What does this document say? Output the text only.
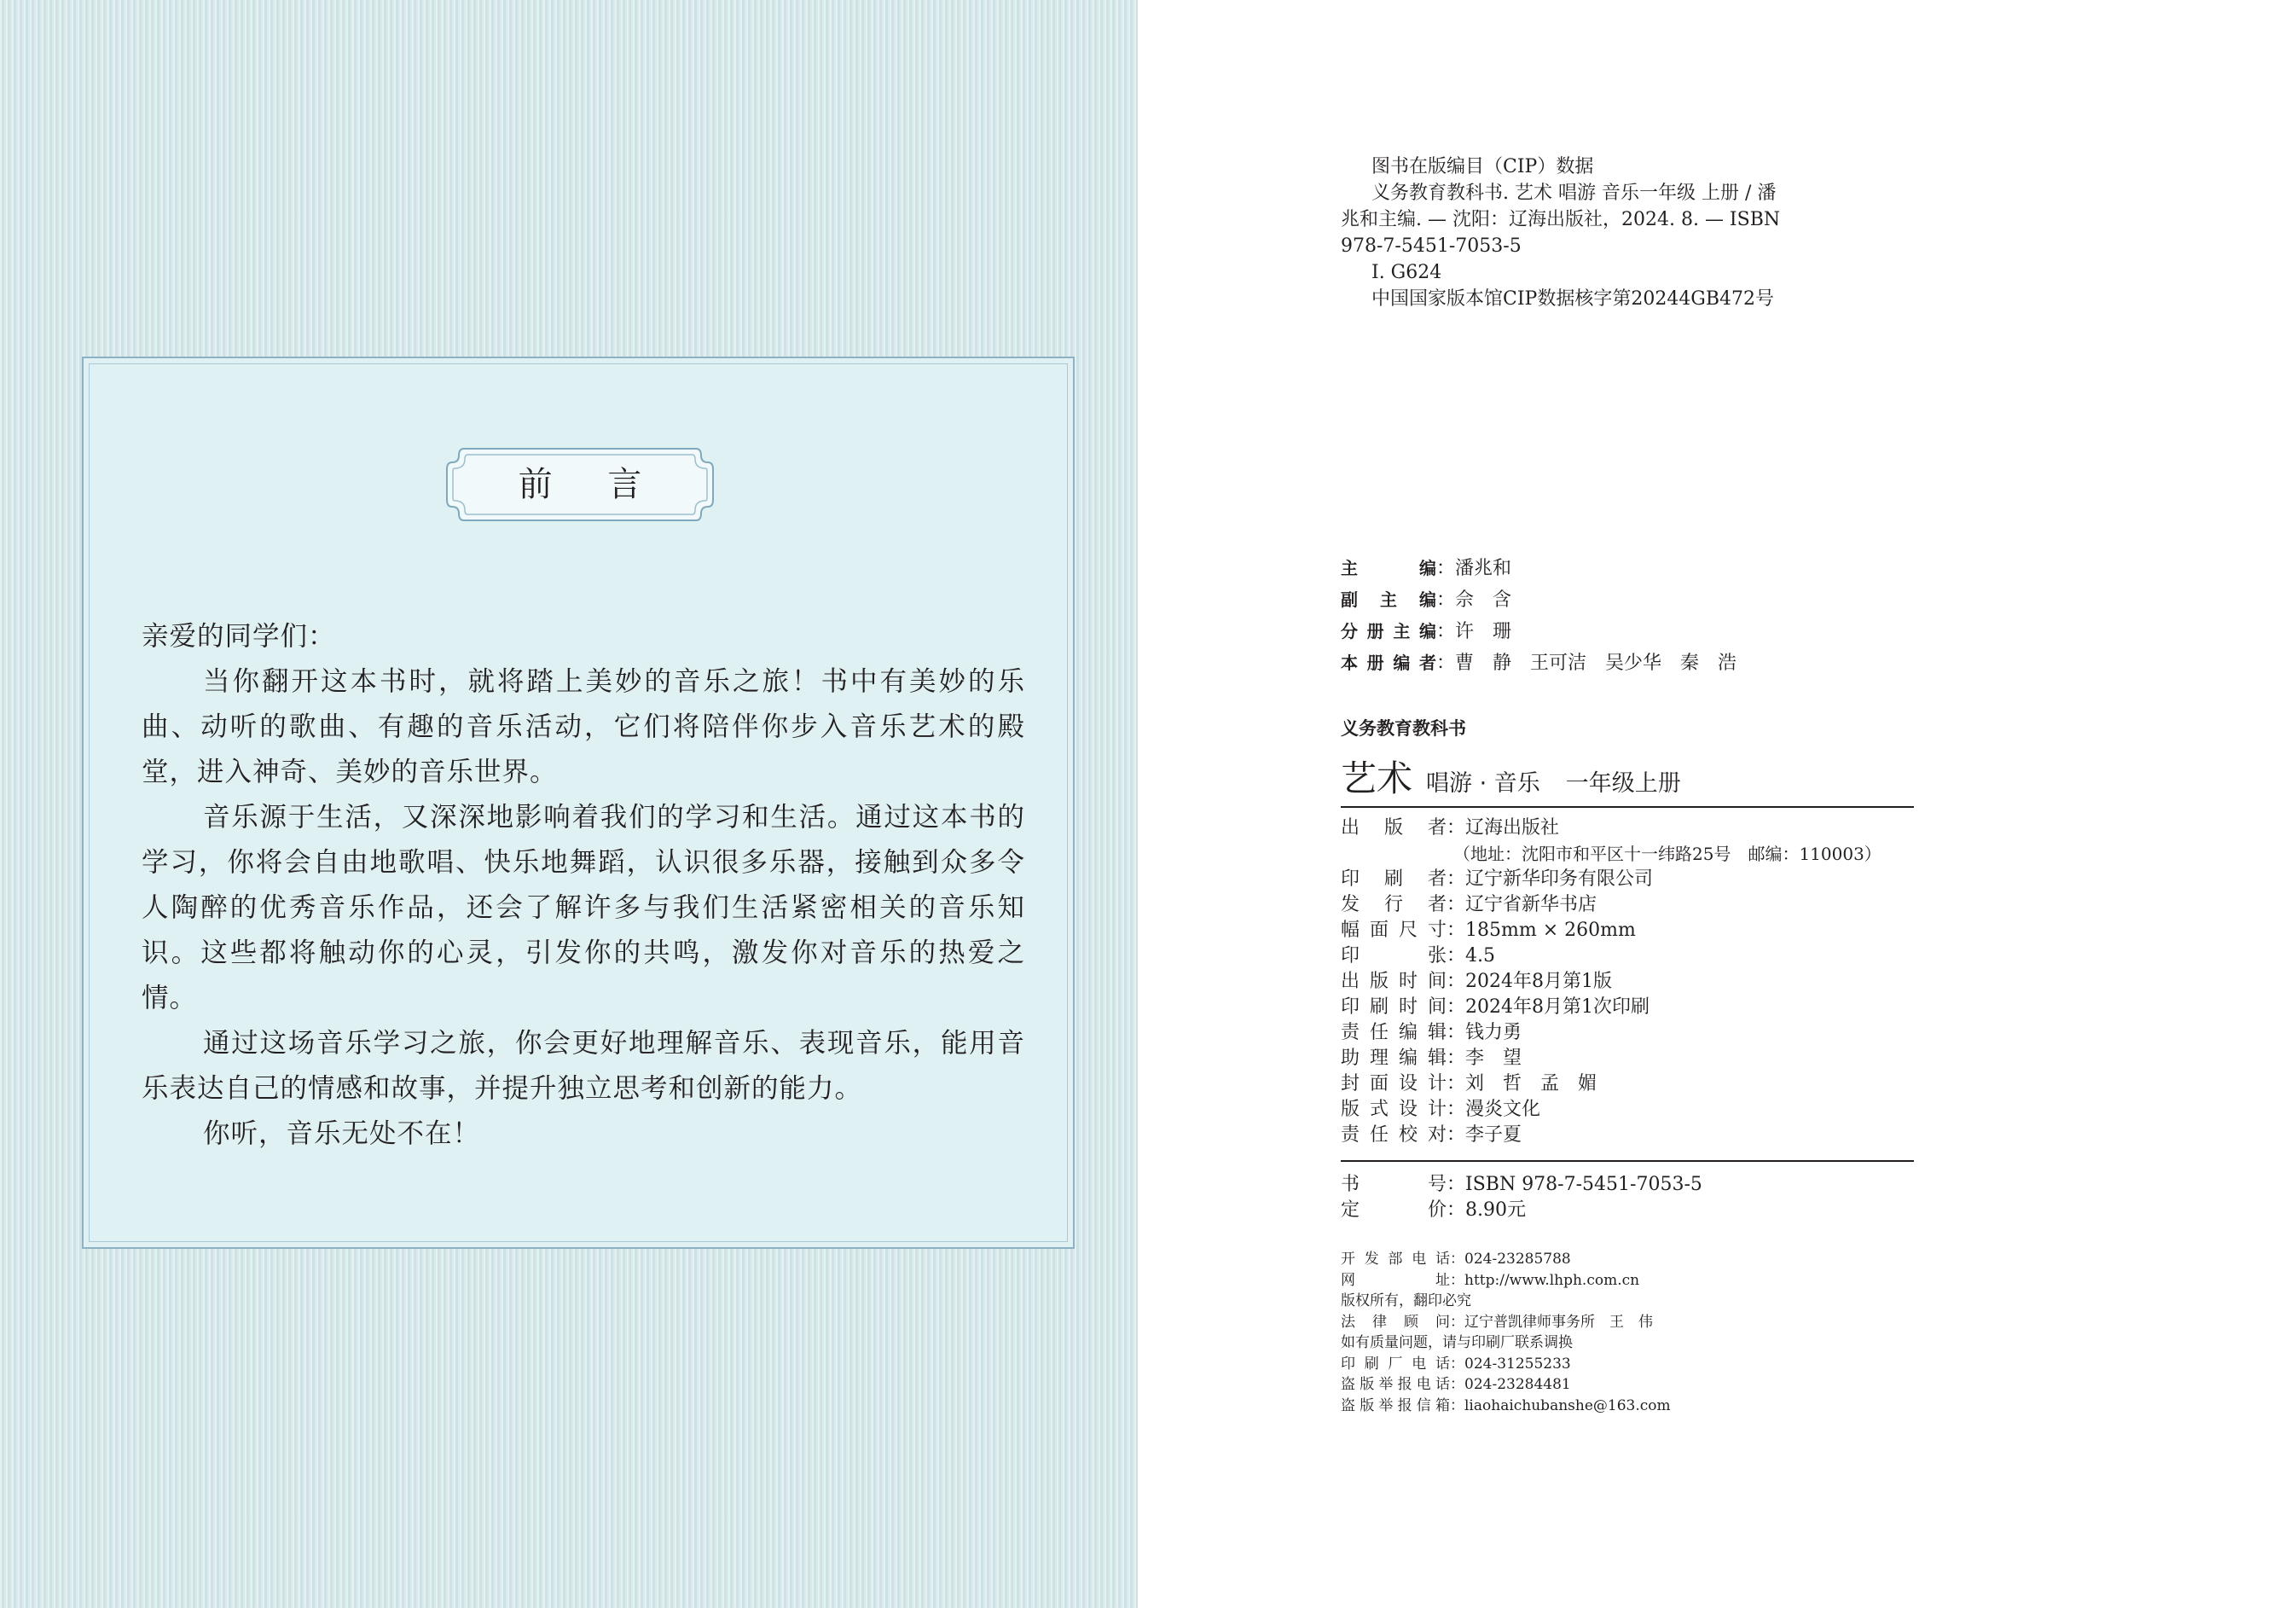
前 言

亲爱的同学们：

当你翻开这本书时，就将踏上美妙的音乐之旅！书中有美妙的乐曲、动听的歌曲、有趣的音乐活动，它们将陪伴你步入音乐艺术的殿堂，进入神奇、美妙的音乐世界。

音乐源于生活，又深深地影响着我们的学习和生活。通过这本书的学习，你将会自由地歌唱、快乐地舞蹈，认识很多乐器，接触到众多令人陶醉的优秀音乐作品，还会了解许多与我们生活紧密相关的音乐知识。这些都将触动你的心灵，引发你的共鸣，激发你对音乐的热爱之情。

通过这场音乐学习之旅，你会更好地理解音乐、表现音乐，能用音乐表达自己的情感和故事，并提升独立思考和创新的能力。

你听，音乐无处不在！

图书在版编目（CIP）数据
义务教育教科书. 艺术 唱游 音乐一年级 上册 / 潘
兆和主编. — 沈阳：辽海出版社，2024. 8. — ISBN
978-7-5451-7053-5
Ⅰ. G624
中国国家版本馆CIP数据核字第20244GB472号
主	编 ： 潘兆和
副 主 编 ： 佘　含
分 册 主 编 ： 许　珊
本 册 编 者 ： 曹　静　王可洁　吴少华　秦　浩
义务教育教科书
艺术 唱游 · 音乐 一年级上册
出 版 者 ： 辽海出版社
（地址：沈阳市和平区十一纬路25号　邮编：110003）
印 刷 者 ： 辽宁新华印务有限公司
发 行 者 ： 辽宁省新华书店
幅 面 尺 寸 ： 185mm × 260mm
印	张 ： 4.5
出 版 时 间 ： 2024年8月第1版
印 刷 时 间 ： 2024年8月第1次印刷
责 任 编 辑 ： 钱力勇
助 理 编 辑 ： 李　望
封 面 设 计 ： 刘　哲　孟　媚
版 式 设 计 ： 漫炎文化
责 任 校 对 ： 李子夏
书	号 ： ISBN 978-7-5451-7053-5
定	价 ： 8.90元
开 发 部 电 话 ： 024-23285788
网	址 ： http://www.lhph.com.cn
版权所有，翻印必究
法 律 顾 问 ： 辽宁普凯律师事务所　王　伟
如有质量问题，请与印刷厂联系调换
印 刷 厂 电 话 ： 024-31255233
盗 版 举 报 电 话 ： 024-23284481
盗 版 举 报 信 箱 ： liaohaichubanshe@163.com
